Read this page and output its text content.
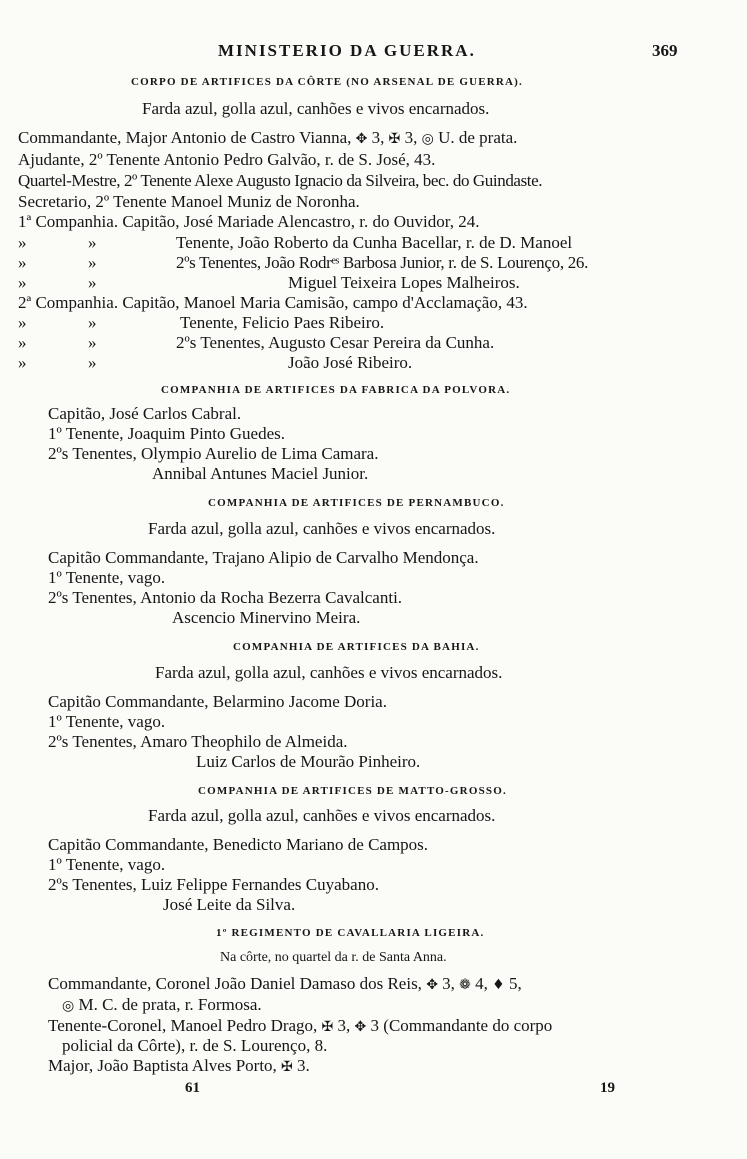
MINISTERIO DA GUERRA.	369
CORPO DE ARTIFICES DA CÔRTE (NO ARSENAL DE GUERRA).
Farda azul, golla azul, canhões e vivos encarnados.
Commandante, Major Antonio de Castro Vianna, ✥ 3, ✠ 3, ◎ U. de prata.
Ajudante, 2º Tenente Antonio Pedro Galvão, r. de S. José, 43.
Quartel-Mestre, 2º Tenente Alexe Augusto Ignacio da Silveira, bec. do Guindaste.
Secretario, 2º Tenente Manoel Muniz de Noronha.
1ª Companhia. Capitão, José Mariade Alencastro, r. do Ouvidor, 24.
»	»	Tenente, João Roberto da Cunha Bacellar, r. de D. Manoel
»	»	2ºs Tenentes, João Rodrᵉˢ Barbosa Junior, r. de S. Lourenço, 26.
»	»	Miguel Teixeira Lopes Malheiros.
2ª Companhia. Capitão, Manoel Maria Camisão, campo d'Acclamação, 43.
»	»	Tenente, Felicio Paes Ribeiro.
»	»	2ºs Tenentes, Augusto Cesar Pereira da Cunha.
»	»	João José Ribeiro.
COMPANHIA DE ARTIFICES DA FABRICA DA POLVORA.
Capitão, José Carlos Cabral.
1º Tenente, Joaquim Pinto Guedes.
2ºs Tenentes, Olympio Aurelio de Lima Camara.
Annibal Antunes Maciel Junior.
COMPANHIA DE ARTIFICES DE PERNAMBUCO.
Farda azul, golla azul, canhões e vivos encarnados.
Capitão Commandante, Trajano Alipio de Carvalho Mendonça.
1º Tenente, vago.
2ºs Tenentes, Antonio da Rocha Bezerra Cavalcanti.
Ascencio Minervino Meira.
COMPANHIA DE ARTIFICES DA BAHIA.
Farda azul, golla azul, canhões e vivos encarnados.
Capitão Commandante, Belarmino Jacome Doria.
1º Tenente, vago.
2ºs Tenentes, Amaro Theophilo de Almeida.
Luiz Carlos de Mourão Pinheiro.
COMPANHIA DE ARTIFICES DE MATTO-GROSSO.
Farda azul, golla azul, canhões e vivos encarnados.
Capitão Commandante, Benedicto Mariano de Campos.
1º Tenente, vago.
2ºs Tenentes, Luiz Felippe Fernandes Cuyabano.
José Leite da Silva.
1º REGIMENTO DE CAVALLARIA LIGEIRA.
Na côrte, no quartel da r. de Santa Anna.
Commandante, Coronel João Daniel Damaso dos Reis, ✥ 3, ❁ 4, ♦ 5,
◎ M. C. de prata, r. Formosa.
Tenente-Coronel, Manoel Pedro Drago, ✠ 3, ✥ 3 (Commandante do corpo
policial da Côrte), r. de S. Lourenço, 8.
Major, João Baptista Alves Porto, ✠ 3.
61	19
